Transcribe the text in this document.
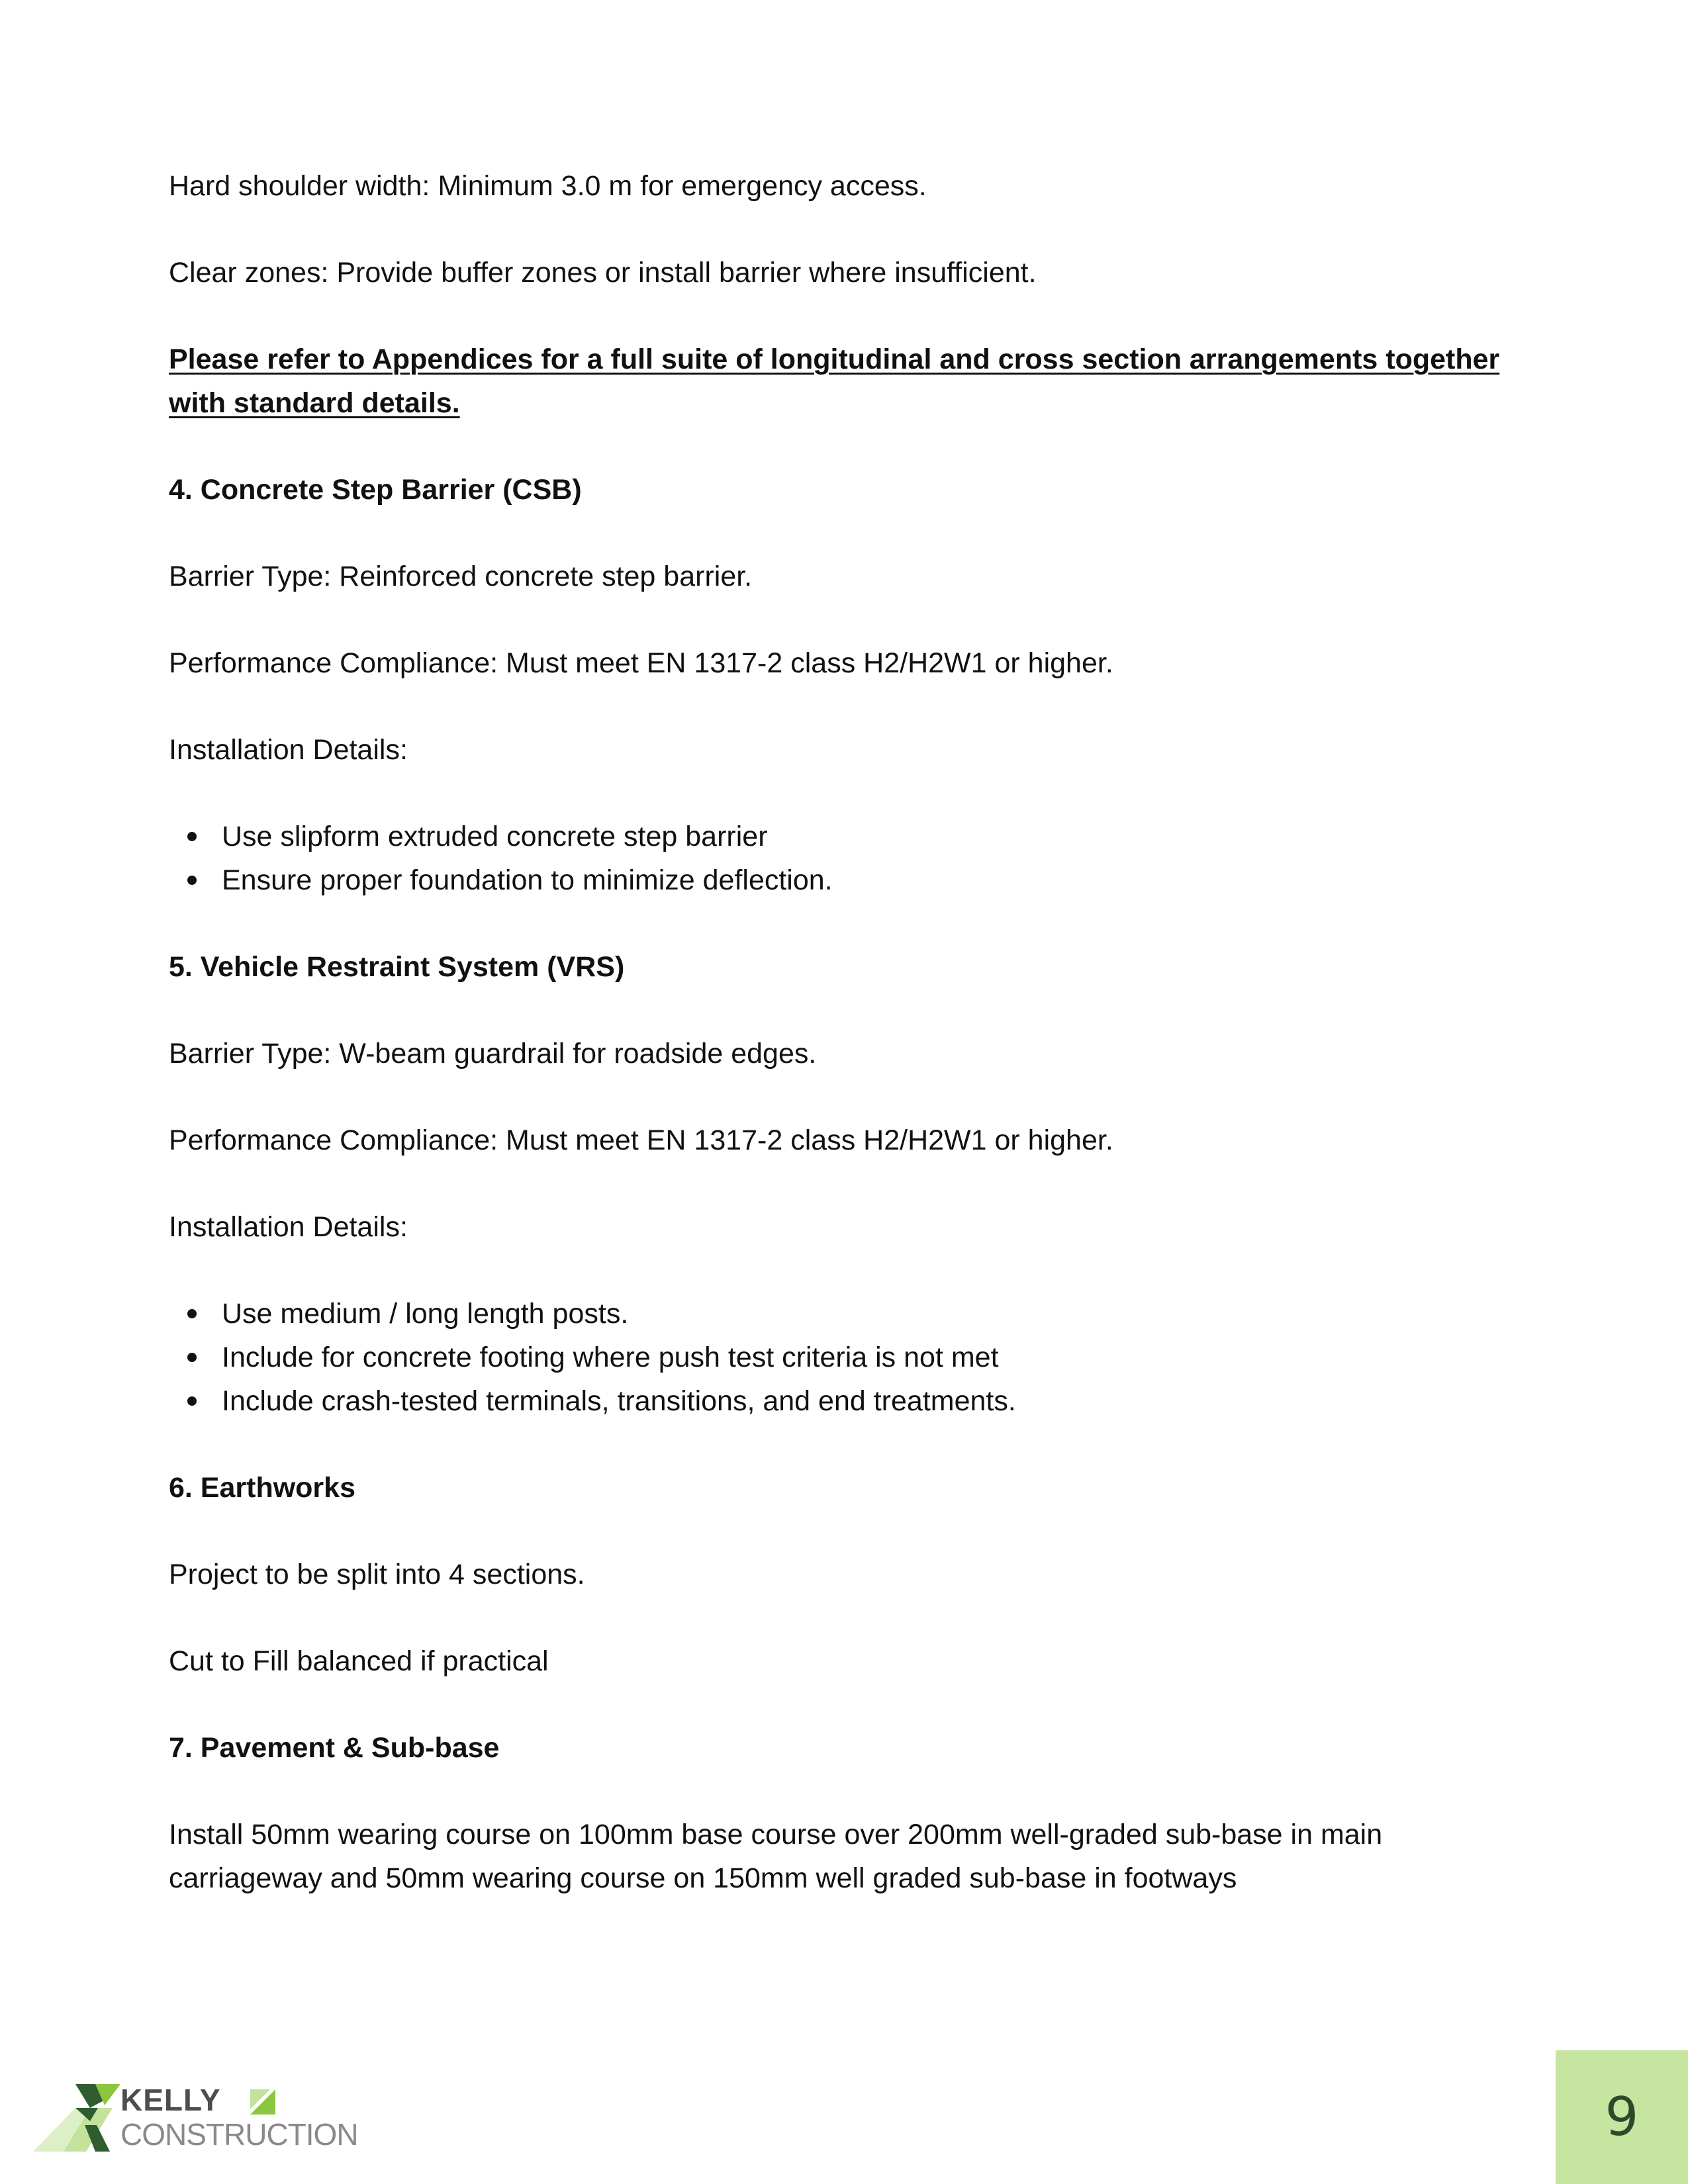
Hard shoulder width: Minimum 3.0 m for emergency access.

Clear zones: Provide buffer zones or install barrier where insufficient.

Please refer to Appendices for a full suite of longitudinal and cross section arrangements together with standard details.

4. Concrete Step Barrier (CSB)

Barrier Type: Reinforced concrete step barrier.

Performance Compliance: Must meet EN 1317-2 class H2/H2W1 or higher.

Installation Details:

Use slipform extruded concrete step barrier
Ensure proper foundation to minimize deflection.

5. Vehicle Restraint System (VRS)

Barrier Type: W-beam guardrail for roadside edges.

Performance Compliance: Must meet EN 1317-2 class H2/H2W1 or higher.

Installation Details:

Use medium / long length posts.
Include for concrete footing where push test criteria is not met
Include crash-tested terminals, transitions, and end treatments.

6. Earthworks

Project to be split into 4 sections.

Cut to Fill balanced if practical

7. Pavement & Sub-base

Install 50mm wearing course on 100mm base course over 200mm well-graded sub-base in main
carriageway and 50mm wearing course on 150mm well graded sub-base in footways

KELLY
CONSTRUCTION	9
